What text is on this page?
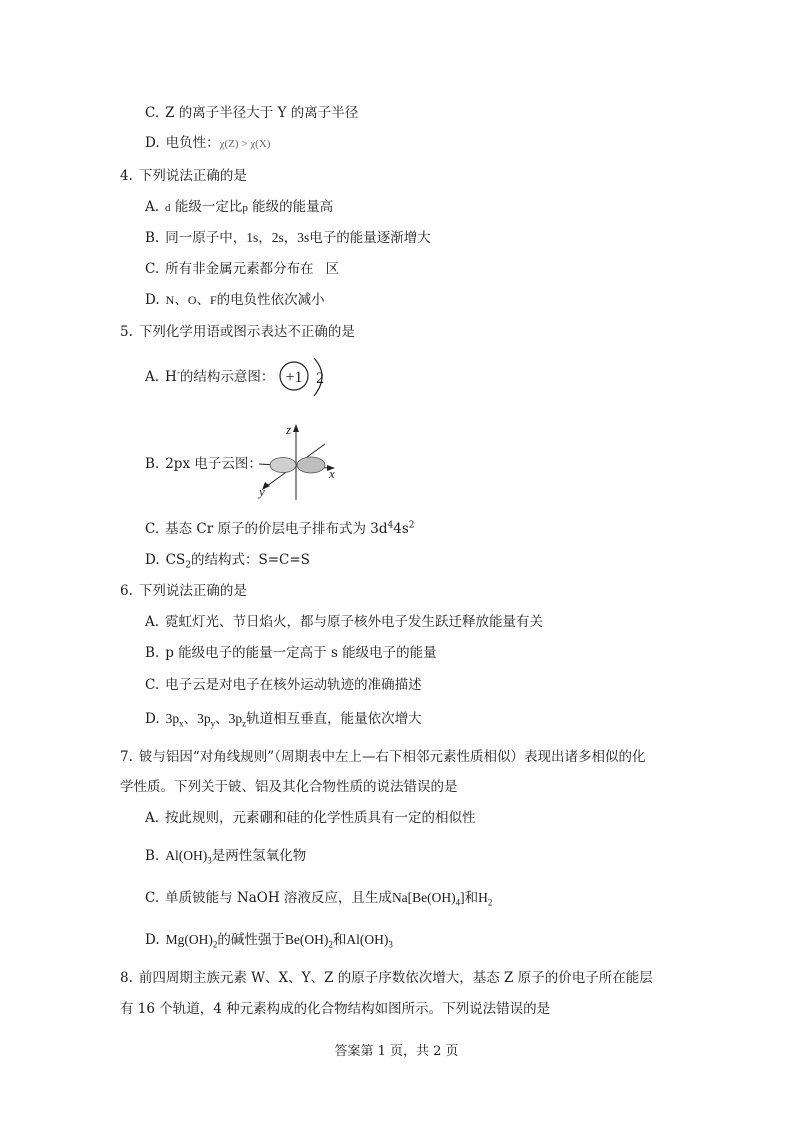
C. Z 的离子半径大于 Y 的离子半径
D. 电负性：χ(Z) > χ(X)
4. 下列说法正确的是
A. d 能级一定比p 能级的能量高
B. 同一原子中，1s，2s，3s电子的能量逐渐增大
C. 所有非金属元素都分布在 区
D. N、O、F的电负性依次减小
5. 下列化学用语或图示表达不正确的是
A. H-的结构示意图： +1 2
B. 2px 电子云图：
z
x
y
C. 基态 Cr 原子的价层电子排布式为 $3d^44s^2$
D. $CS_2$的结构式：S=C=S
6. 下列说法正确的是
A. 霓虹灯光、节日焰火，都与原子核外电子发生跃迁释放能量有关
B. p 能级电子的能量一定高于 s 能级电子的能量
C. 电子云是对电子在核外运动轨迹的准确描述
D. $3p_x$、$3p_y$、$3p_z$轨道相互垂直，能量依次增大
7. 铍与铝因“对角线规则”（周期表中左上—右下相邻元素性质相似）表现出诸多相似的化
学性质。下列关于铍、铝及其化合物性质的说法错误的是
A. 按此规则，元素硼和硅的化学性质具有一定的相似性
B. $Al(OH)_3$是两性氢氧化物
C. 单质铍能与 NaOH 溶液反应，且生成$Na[Be(OH)_4]$和$H_2$
D. $Mg(OH)_2$的碱性强于$Be(OH)_2$和$Al(OH)_3$
8. 前四周期主族元素 W、X、Y、Z 的原子序数依次增大，基态 Z 原子的价电子所在能层
有 16 个轨道，4 种元素构成的化合物结构如图所示。下列说法错误的是
答案第 1 页，共 2 页
